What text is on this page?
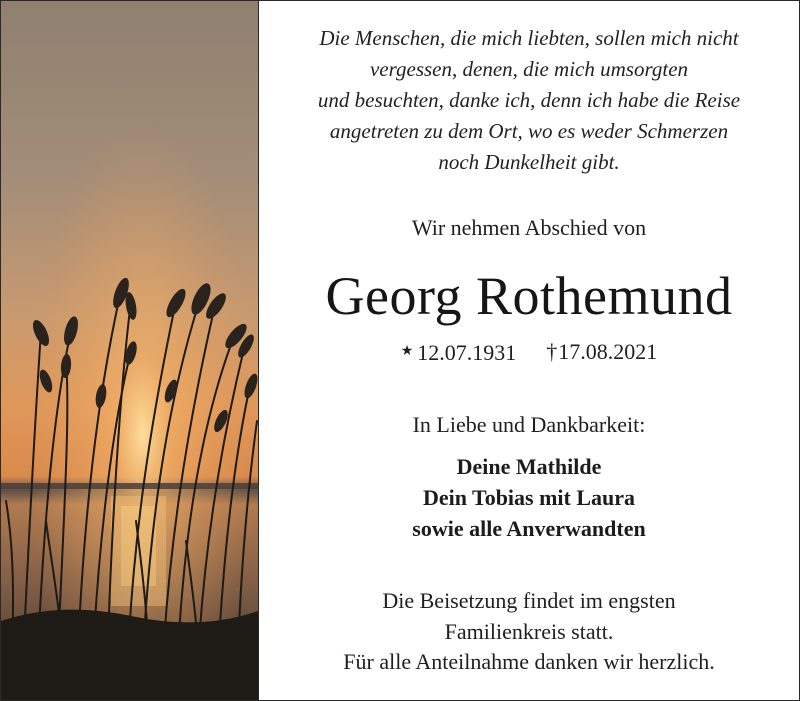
Die Menschen, die mich liebten, sollen mich nicht
vergessen, denen, die mich umsorgten
und besuchten, danke ich, denn ich habe die Reise
angetreten zu dem Ort, wo es weder Schmerzen
noch Dunkelheit gibt.
Wir nehmen Abschied von
Georg Rothemund
★ 12.07.1931 †17.08.2021
In Liebe und Dankbarkeit:
Deine Mathilde
Dein Tobias mit Laura
sowie alle Anverwandten
Die Beisetzung findet im engsten
Familienkreis statt.
Für alle Anteilnahme danken wir herzlich.
